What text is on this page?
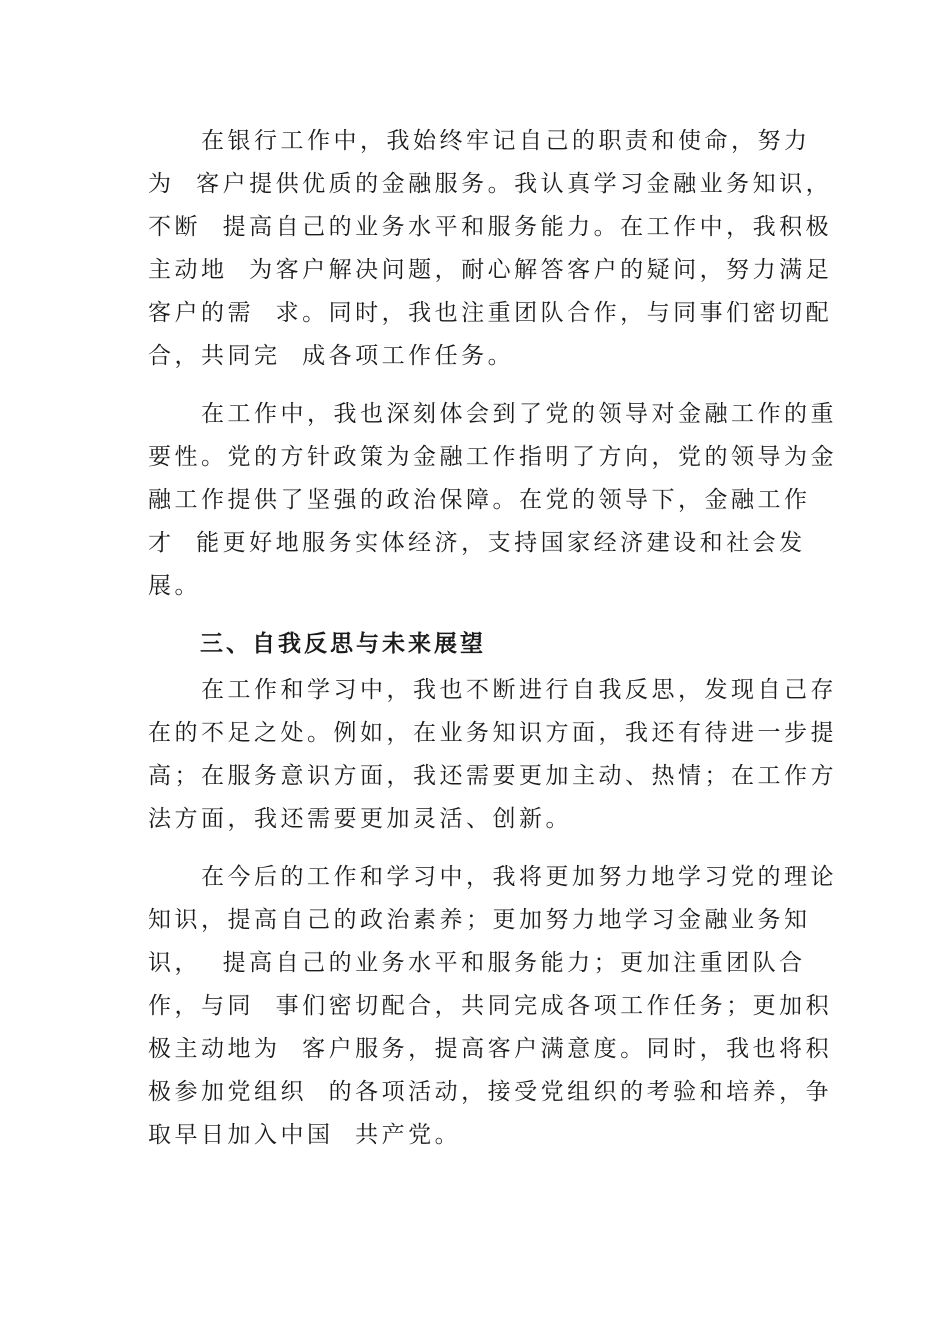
　　在银行工作中，我始终牢记自己的职责和使命，努力
为  客户提供优质的金融服务。我认真学习金融业务知识，
不断  提高自己的业务水平和服务能力。在工作中，我积极
主动地  为客户解决问题，耐心解答客户的疑问，努力满足
客户的需  求。同时，我也注重团队合作，与同事们密切配
合，共同完  成各项工作任务。
　　在工作中，我也深刻体会到了党的领导对金融工作的重
要性。党的方针政策为金融工作指明了方向，党的领导为金
融工作提供了坚强的政治保障。在党的领导下，金融工作
才  能更好地服务实体经济，支持国家经济建设和社会发
展。
　　三、自我反思与未来展望
　　在工作和学习中，我也不断进行自我反思，发现自己存
在的不足之处。例如，在业务知识方面，我还有待进一步提
高；在服务意识方面，我还需要更加主动、热情；在工作方
法方面，我还需要更加灵活、创新。
　　在今后的工作和学习中，我将更加努力地学习党的理论
知识，提高自己的政治素养；更加努力地学习金融业务知
识，  提高自己的业务水平和服务能力；更加注重团队合
作，与同  事们密切配合，共同完成各项工作任务；更加积
极主动地为  客户服务，提高客户满意度。同时，我也将积
极参加党组织  的各项活动，接受党组织的考验和培养，争
取早日加入中国  共产党。
